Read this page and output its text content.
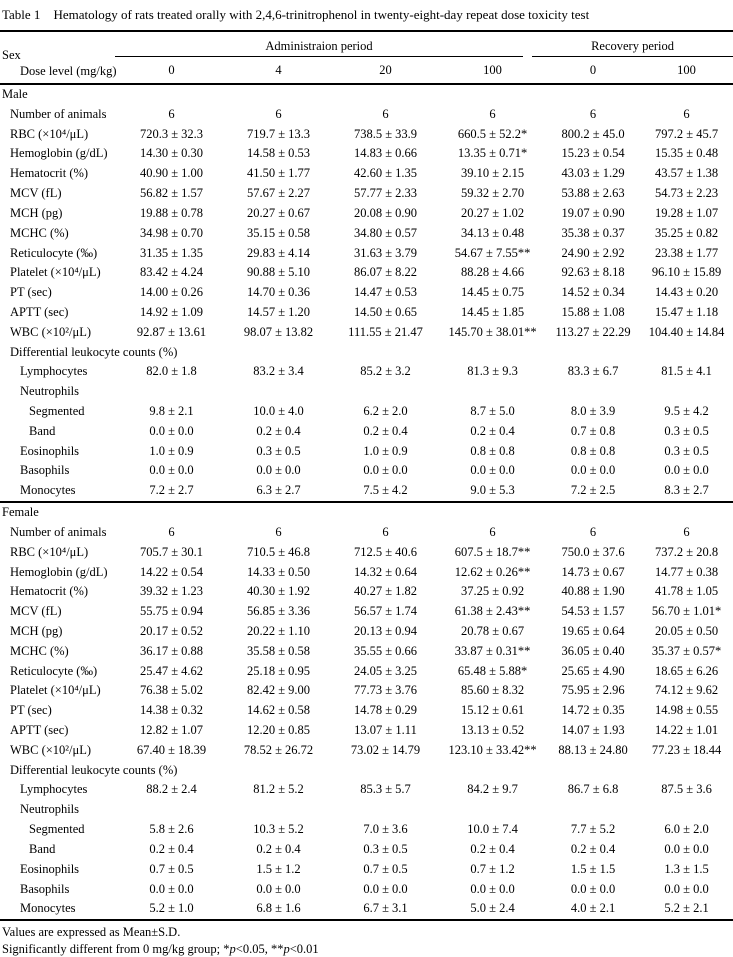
Table 1 Hematology of rats treated orally with 2,4,6-trinitrophenol in twenty-eight-day repeat dose toxicity test
Sex
Dose level (mg/kg)	Administraion period				Recovery period	

	0	4	20	100	0	100
Male						
Number of animals	6	6	6	6	6	6
RBC (×10⁴/μL)	720.3 ± 32.3	719.7 ± 13.3	738.5 ± 33.9	660.5 ± 52.2*	800.2 ± 45.0	797.2 ± 45.7
Hemoglobin (g/dL)	14.30 ± 0.30	14.58 ± 0.53	14.83 ± 0.66	13.35 ± 0.71*	15.23 ± 0.54	15.35 ± 0.48
Hematocrit (%)	40.90 ± 1.00	41.50 ± 1.77	42.60 ± 1.35	39.10 ± 2.15	43.03 ± 1.29	43.57 ± 1.38
MCV (fL)	56.82 ± 1.57	57.67 ± 2.27	57.77 ± 2.33	59.32 ± 2.70	53.88 ± 2.63	54.73 ± 2.23
MCH (pg)	19.88 ± 0.78	20.27 ± 0.67	20.08 ± 0.90	20.27 ± 1.02	19.07 ± 0.90	19.28 ± 1.07
MCHC (%)	34.98 ± 0.70	35.15 ± 0.58	34.80 ± 0.57	34.13 ± 0.48	35.38 ± 0.37	35.25 ± 0.82
Reticulocyte (‰)	31.35 ± 1.35	29.83 ± 4.14	31.63 ± 3.79	54.67 ± 7.55**	24.90 ± 2.92	23.38 ± 1.77
Platelet (×10⁴/μL)	83.42 ± 4.24	90.88 ± 5.10	86.07 ± 8.22	88.28 ± 4.66	92.63 ± 8.18	96.10 ± 15.89
PT (sec)	14.00 ± 0.26	14.70 ± 0.36	14.47 ± 0.53	14.45 ± 0.75	14.52 ± 0.34	14.43 ± 0.20
APTT (sec)	14.92 ± 1.09	14.57 ± 1.20	14.50 ± 0.65	14.45 ± 1.85	15.88 ± 1.08	15.47 ± 1.18
WBC (×10²/μL)	92.87 ± 13.61	98.07 ± 13.82	111.55 ± 21.47	145.70 ± 38.01**	113.27 ± 22.29	104.40 ± 14.84
Differential leukocyte counts (%)						
Lymphocytes	82.0 ± 1.8	83.2 ± 3.4	85.2 ± 3.2	81.3 ± 9.3	83.3 ± 6.7	81.5 ± 4.1
Neutrophils						
Segmented	9.8 ± 2.1	10.0 ± 4.0	6.2 ± 2.0	8.7 ± 5.0	8.0 ± 3.9	9.5 ± 4.2
Band	0.0 ± 0.0	0.2 ± 0.4	0.2 ± 0.4	0.2 ± 0.4	0.7 ± 0.8	0.3 ± 0.5
Eosinophils	1.0 ± 0.9	0.3 ± 0.5	1.0 ± 0.9	0.8 ± 0.8	0.8 ± 0.8	0.3 ± 0.5
Basophils	0.0 ± 0.0	0.0 ± 0.0	0.0 ± 0.0	0.0 ± 0.0	0.0 ± 0.0	0.0 ± 0.0
Monocytes	7.2 ± 2.7	6.3 ± 2.7	7.5 ± 4.2	9.0 ± 5.3	7.2 ± 2.5	8.3 ± 2.7
Female						
Number of animals	6	6	6	6	6	6
RBC (×10⁴/μL)	705.7 ± 30.1	710.5 ± 46.8	712.5 ± 40.6	607.5 ± 18.7**	750.0 ± 37.6	737.2 ± 20.8
Hemoglobin (g/dL)	14.22 ± 0.54	14.33 ± 0.50	14.32 ± 0.64	12.62 ± 0.26**	14.73 ± 0.67	14.77 ± 0.38
Hematocrit (%)	39.32 ± 1.23	40.30 ± 1.92	40.27 ± 1.82	37.25 ± 0.92	40.88 ± 1.90	41.78 ± 1.05
MCV (fL)	55.75 ± 0.94	56.85 ± 3.36	56.57 ± 1.74	61.38 ± 2.43**	54.53 ± 1.57	56.70 ± 1.01*
MCH (pg)	20.17 ± 0.52	20.22 ± 1.10	20.13 ± 0.94	20.78 ± 0.67	19.65 ± 0.64	20.05 ± 0.50
MCHC (%)	36.17 ± 0.88	35.58 ± 0.58	35.55 ± 0.66	33.87 ± 0.31**	36.05 ± 0.40	35.37 ± 0.57*
Reticulocyte (‰)	25.47 ± 4.62	25.18 ± 0.95	24.05 ± 3.25	65.48 ± 5.88*	25.65 ± 4.90	18.65 ± 6.26
Platelet (×10⁴/μL)	76.38 ± 5.02	82.42 ± 9.00	77.73 ± 3.76	85.60 ± 8.32	75.95 ± 2.96	74.12 ± 9.62
PT (sec)	14.38 ± 0.32	14.62 ± 0.58	14.78 ± 0.29	15.12 ± 0.61	14.72 ± 0.35	14.98 ± 0.55
APTT (sec)	12.82 ± 1.07	12.20 ± 0.85	13.07 ± 1.11	13.13 ± 0.52	14.07 ± 1.93	14.22 ± 1.01
WBC (×10²/μL)	67.40 ± 18.39	78.52 ± 26.72	73.02 ± 14.79	123.10 ± 33.42**	88.13 ± 24.80	77.23 ± 18.44
Differential leukocyte counts (%)						
Lymphocytes	88.2 ± 2.4	81.2 ± 5.2	85.3 ± 5.7	84.2 ± 9.7	86.7 ± 6.8	87.5 ± 3.6
Neutrophils						
Segmented	5.8 ± 2.6	10.3 ± 5.2	7.0 ± 3.6	10.0 ± 7.4	7.7 ± 5.2	6.0 ± 2.0
Band	0.2 ± 0.4	0.2 ± 0.4	0.3 ± 0.5	0.2 ± 0.4	0.2 ± 0.4	0.0 ± 0.0
Eosinophils	0.7 ± 0.5	1.5 ± 1.2	0.7 ± 0.5	0.7 ± 1.2	1.5 ± 1.5	1.3 ± 1.5
Basophils	0.0 ± 0.0	0.0 ± 0.0	0.0 ± 0.0	0.0 ± 0.0	0.0 ± 0.0	0.0 ± 0.0
Monocytes	5.2 ± 1.0	6.8 ± 1.6	6.7 ± 3.1	5.0 ± 2.4	4.0 ± 2.1	5.2 ± 2.1
Values are expressed as Mean±S.D.
Significantly different from 0 mg/kg group; *p<0.05, **p<0.01
